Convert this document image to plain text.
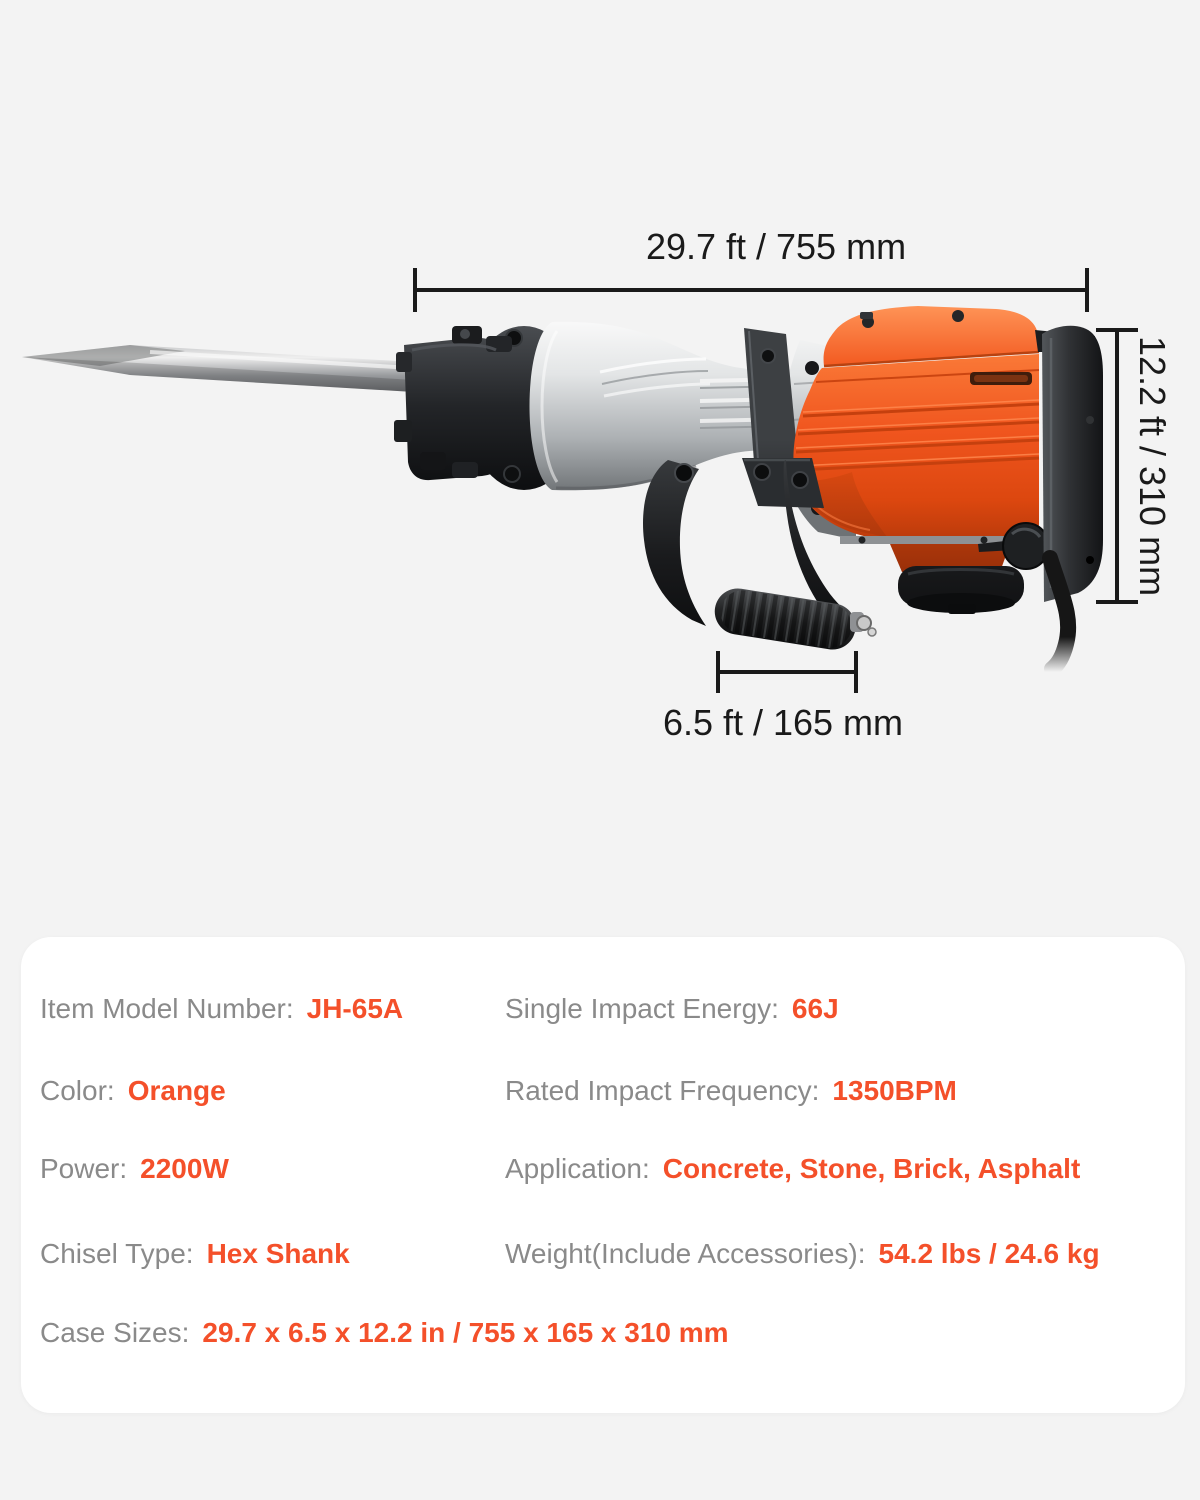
29.7 ft / 755 mm
12.2 ft / 310 mm
6.5 ft / 165 mm
Item Model Number: JH-65A	Single Impact Energy: 66J
Color: Orange	Rated Impact Frequency: 1350BPM
Power: 2200W	Application: Concrete, Stone, Brick, Asphalt
Chisel Type: Hex Shank	Weight(Include Accessories): 54.2 lbs / 24.6 kg
Case Sizes: 29.7 x 6.5 x 12.2 in / 755 x 165 x 310 mm
